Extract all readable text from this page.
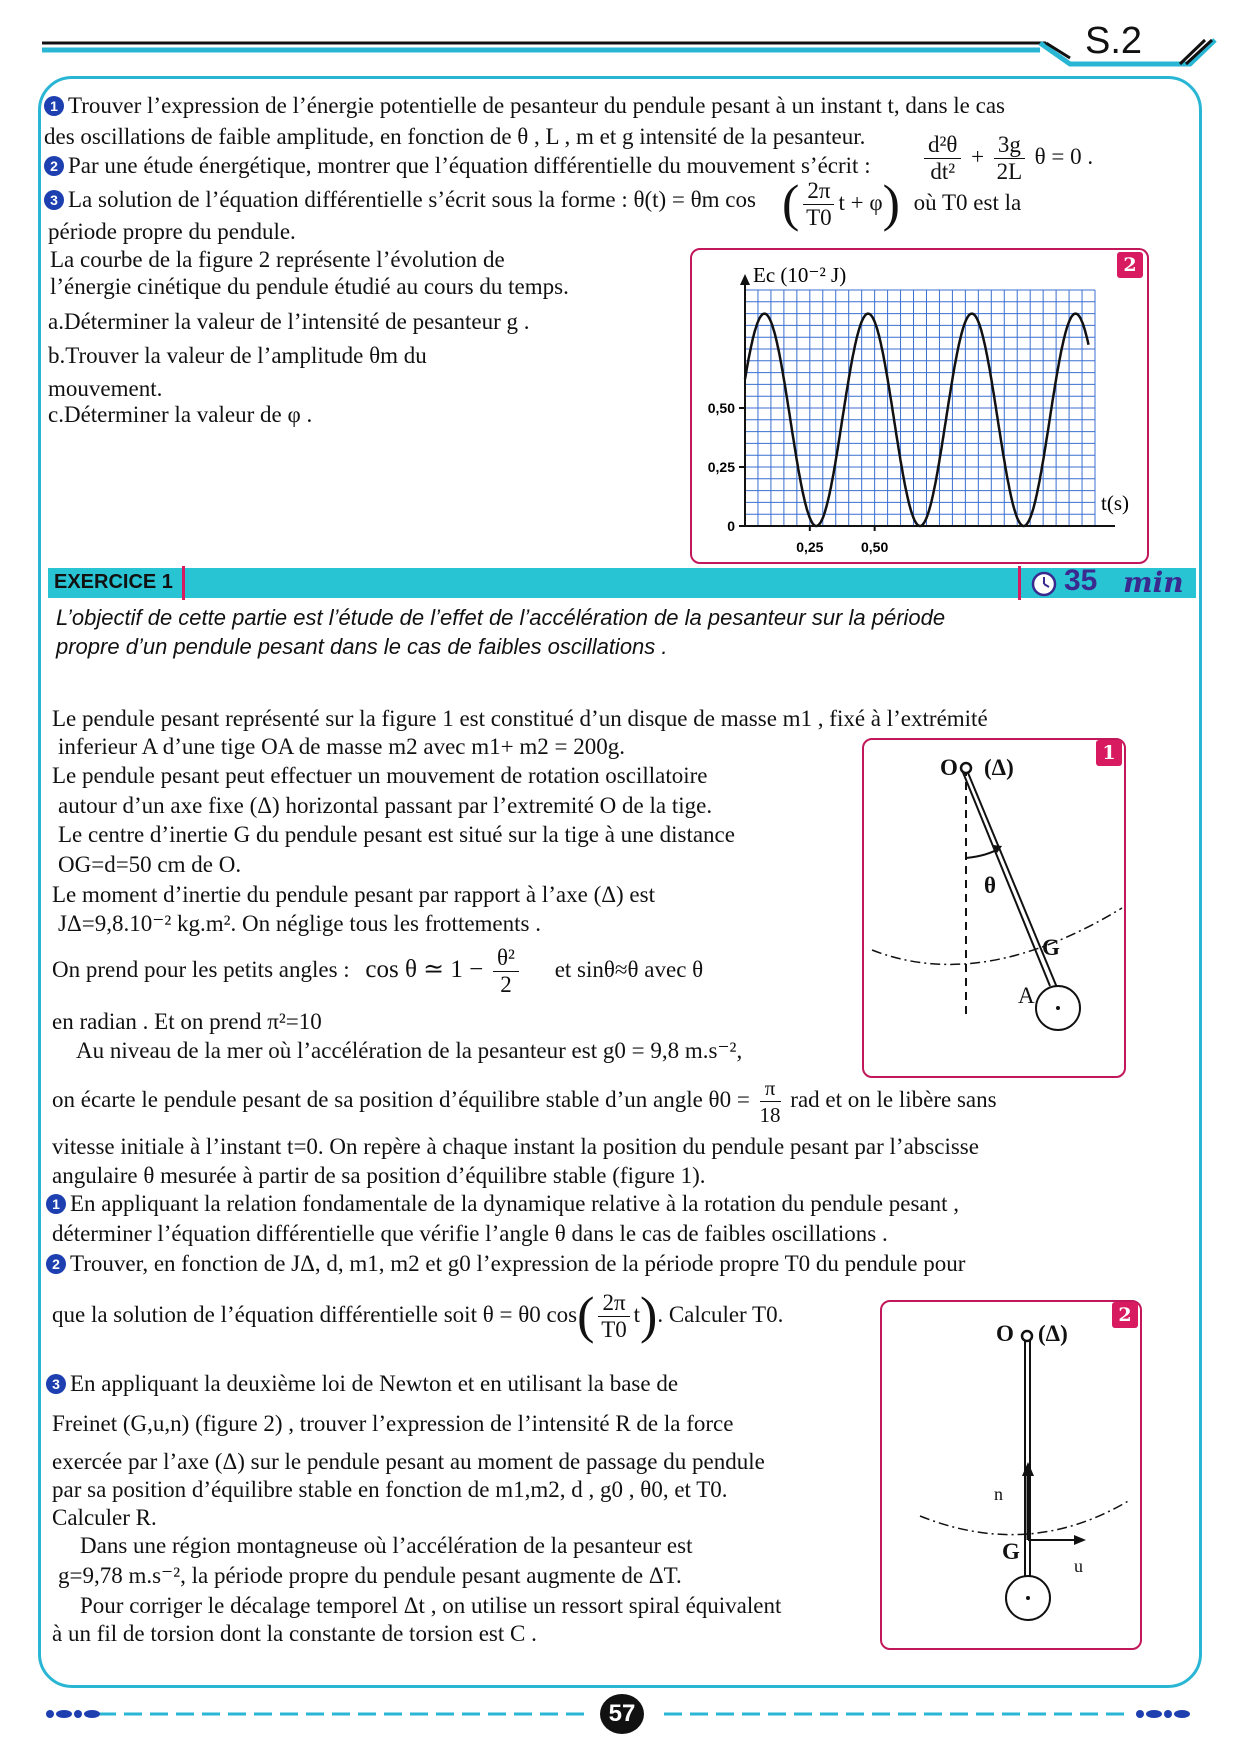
S.2
1 Trouver l’expression de l’énergie potentielle de pesanteur du pendule pesant à un instant t, dans le cas
des oscillations de faible amplitude, en fonction de θ , L , m et g intensité de la pesanteur.
2 Par une étude énergétique, montrer que l’équation différentielle du mouvement s’écrit : $\frac{\text{d²θ}}{\text{dt²}} + \frac{3g}{2L}$ θ = 0 .
3 La solution de l’équation différentielle s’écrit sous la forme : θ(t) = θm cos ( $\frac{2\pi}{T0}$ t + φ) où T0 est la
période propre du pendule.
La courbe de la figure 2 représente l’évolution de
l’énergie cinétique du pendule étudié au cours du temps.
a.Déterminer la valeur de l’intensité de pesanteur g .
b.Trouver la valeur de l’amplitude θm du
mouvement.
c.Déterminer la valeur de φ .
2
0
0,25
0,50
0,25	0,50
Ec (10⁻² J)
t(s)
EXERCICE 1	35 min
L’objectif de cette partie est l’étude de l’effet de l’accélération de la pesanteur sur la période
propre d’un pendule pesant dans le cas de faibles oscillations .
Le pendule pesant représenté sur la figure 1 est constitué d’un disque de masse m1 , fixé à l’extrémité
inferieur A d’une tige OA de masse m2 avec m1+ m2 = 200g.
Le pendule pesant peut effectuer un mouvement de rotation oscillatoire
autour d’un axe fixe (Δ) horizontal passant par l’extremité O de la tige.
Le centre d’inertie G du pendule pesant est situé sur la tige à une distance
OG=d=50 cm de O.
Le moment d’inertie du pendule pesant par rapport à l’axe (Δ) est
JΔ=9,8.10⁻² kg.m². On néglige tous les frottements .
On prend pour les petits angles : cos θ ≃ $1 - \frac{\text{θ²}}{2}$ et sinθ≈θ avec θ
en radian . Et on prend π²=10
Au niveau de la mer où l’accélération de la pesanteur est g0 = 9,8 m.s⁻²,
on écarte le pendule pesant de sa position d’équilibre stable d’un angle $\theta 0 = \frac{\pi}{18}$ rad et on le libère sans
vitesse initiale à l’instant t=0. On repère à chaque instant la position du pendule pesant par l’abscisse
angulaire θ mesurée à partir de sa position d’équilibre stable (figure 1).
1 En appliquant la relation fondamentale de la dynamique relative à la rotation du pendule pesant ,
déterminer l’équation différentielle que vérifie l’angle θ dans le cas de faibles oscillations .
2 Trouver, en fonction de JΔ, d, m1, m2 et g0 l’expression de la période propre T0 du pendule pour
que la solution de l’équation différentielle soit θ = θ0 $\cos( \frac{2\pi}{T0} t)$. Calculer T0.
3 En appliquant la deuxième loi de Newton et en utilisant la base de
Freinet (G,u,n) (figure 2) , trouver l’expression de l’intensité R de la force
exercée par l’axe (Δ) sur le pendule pesant au moment de passage du pendule
par sa position d’équilibre stable en fonction de m1,m2, d , g0 , θ0, et T0.
Calculer R.
Dans une région montagneuse où l’accélération de la pesanteur est
g=9,78 m.s⁻², la période propre du pendule pesant augmente de ΔT.
Pour corriger le décalage temporel Δt , on utilise un ressort spiral équivalent
à un fil de torsion dont la constante de torsion est C .
1
O (Δ)
θ
G
A
2
O (Δ)
n
u
G
57
